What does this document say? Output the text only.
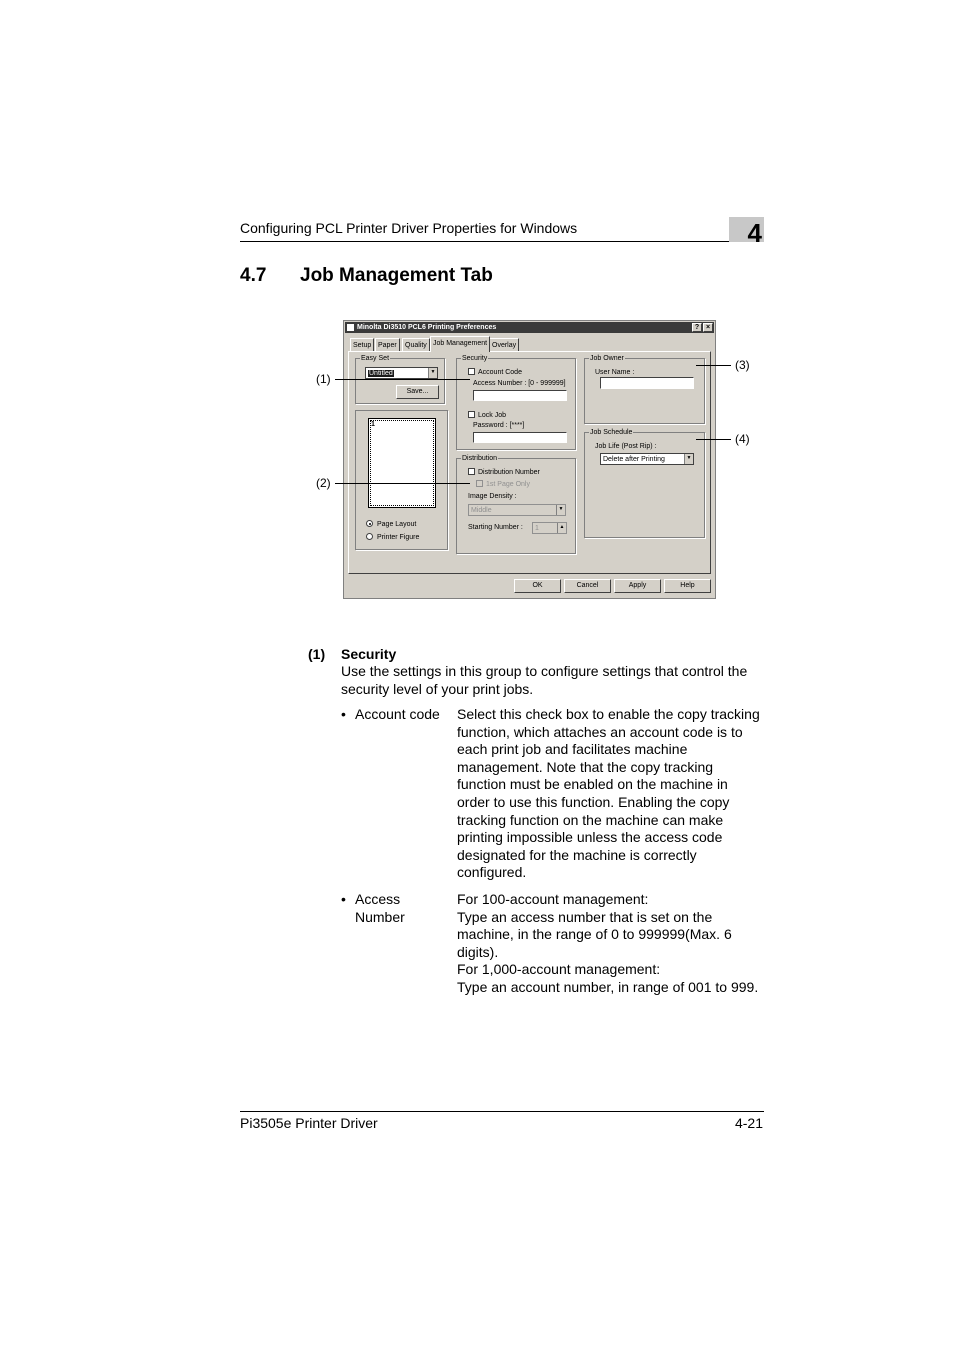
Configuring PCL Printer Driver Properties for Windows	4
4.7 Job Management Tab
Minolta Di3510 PCL6 Printing Preferences	? ×
Setup Paper	Quality Job Management Overlay
Easy Set
Untitled	▼
Save...
1
Page Layout
Printer Figure
Security
Account Code
Access Number : [0 - 999999]
Lock Job
Password : [****]
Distribution
Distribution Number
1st Page Only
Image Density :
Middle	▼
Starting Number :	1	▲
Job Owner
User Name :
Job Schedule
Job Life (Post Rip) :
Delete after Printing	▼
OK	Cancel	Apply	Help
(1)
(2)
(3)
(4)
(1) Security
Use the settings in this group to configure settings that control the security level of your print jobs.
• Account code	Select this check box to enable the copy tracking function, which attaches an account code is to each print job and facilitates machine management. Note that the copy tracking function must be enabled on the machine in order to use this function. Enabling the copy tracking function on the machine can make printing impossible unless the access code designated for the machine is correctly configured.
• Access Number
For 100-account management:
Type an access number that is set on the machine, in the range of 0 to 999999(Max. 6 digits).
For 1,000-account management:
Type an account number, in range of 001 to 999.
Pi3505e Printer Driver	4-21
